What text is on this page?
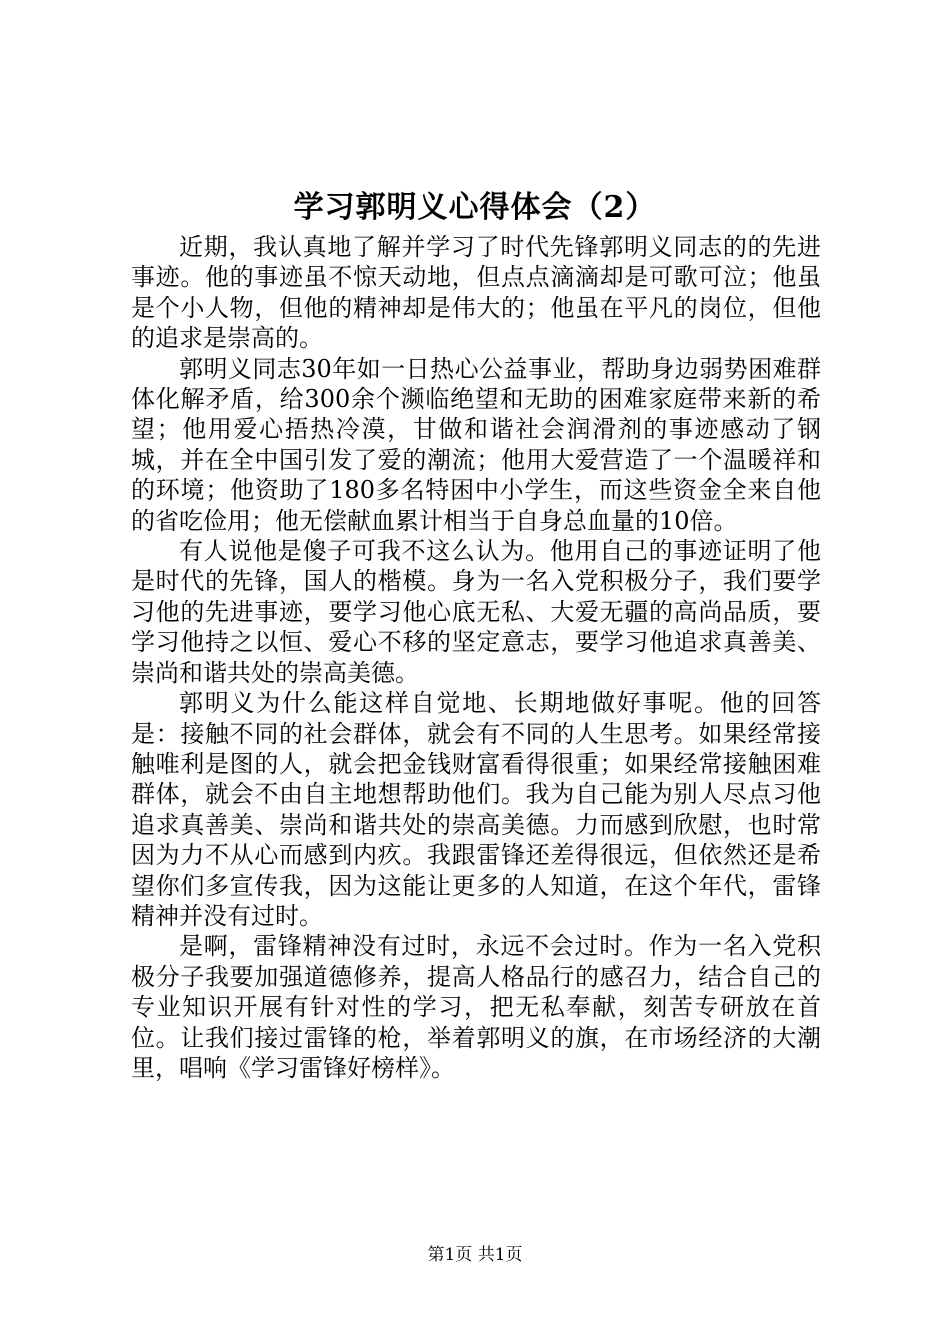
学习郭明义心得体会（2）

近期，我认真地了解并学习了时代先锋郭明义同志的的先进事迹。他的事迹虽不惊天动地，但点点滴滴却是可歌可泣；他虽是个小人物，但他的精神却是伟大的；他虽在平凡的岗位，但他的追求是崇高的。

郭明义同志30年如一日热心公益事业，帮助身边弱势困难群体化解矛盾，给300余个濒临绝望和无助的困难家庭带来新的希望；他用爱心捂热冷漠，甘做和谐社会润滑剂的事迹感动了钢城，并在全中国引发了爱的潮流；他用大爱营造了一个温暖祥和的环境；他资助了180多名特困中小学生，而这些资金全来自他的省吃俭用；他无偿献血累计相当于自身总血量的10倍。

有人说他是傻子可我不这么认为。他用自己的事迹证明了他是时代的先锋，国人的楷模。身为一名入党积极分子，我们要学习他的先进事迹，要学习他心底无私、大爱无疆的高尚品质，要学习他持之以恒、爱心不移的坚定意志，要学习他追求真善美、崇尚和谐共处的崇高美德。

郭明义为什么能这样自觉地、长期地做好事呢。他的回答是：接触不同的社会群体，就会有不同的人生思考。如果经常接触唯利是图的人，就会把金钱财富看得很重；如果经常接触困难群体，就会不由自主地想帮助他们。我为自己能为别人尽点习他追求真善美、崇尚和谐共处的崇高美德。力而感到欣慰，也时常因为力不从心而感到内疚。我跟雷锋还差得很远，但依然还是希望你们多宣传我，因为这能让更多的人知道，在这个年代，雷锋精神并没有过时。

是啊，雷锋精神没有过时，永远不会过时。作为一名入党积极分子我要加强道德修养，提高人格品行的感召力，结合自己的专业知识开展有针对性的学习，把无私奉献，刻苦专研放在首位。让我们接过雷锋的枪，举着郭明义的旗，在市场经济的大潮里，唱响《学习雷锋好榜样》。

第1页 共1页
